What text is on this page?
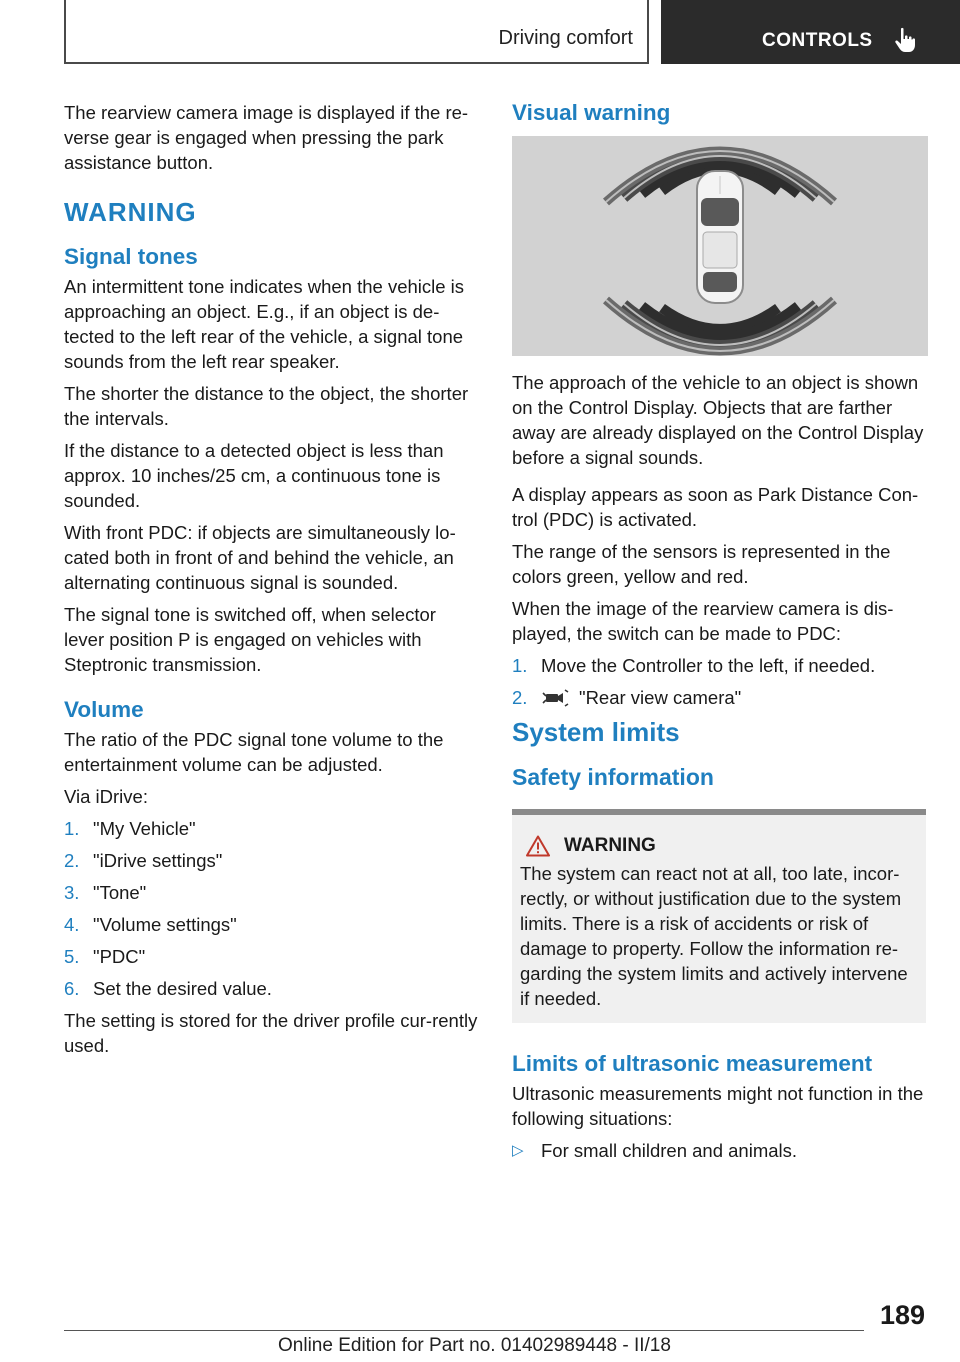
Driving comfort	CONTROLS

The rearview camera image is displayed if the re-verse gear is engaged when pressing the park assistance button.

WARNING
Signal tones

An intermittent tone indicates when the vehicle is approaching an object. E.g., if an object is de-tected to the left rear of the vehicle, a signal tone sounds from the left rear speaker.

The shorter the distance to the object, the shorter the intervals.

If the distance to a detected object is less than approx. 10 inches/25 cm, a continuous tone is sounded.

With front PDC: if objects are simultaneously lo-cated both in front of and behind the vehicle, an alternating continuous signal is sounded.

The signal tone is switched off, when selector lever position P is engaged on vehicles with Steptronic transmission.

Volume

The ratio of the PDC signal tone volume to the entertainment volume can be adjusted.

Via iDrive:

1. "My Vehicle"
2. "iDrive settings"
3. "Tone"
4. "Volume settings"
5. "PDC"
6. Set the desired value.

The setting is stored for the driver profile cur-rently used.

Visual warning

The approach of the vehicle to an object is shown on the Control Display. Objects that are farther away are already displayed on the Control Display before a signal sounds.

A display appears as soon as Park Distance Con-trol (PDC) is activated.

The range of the sensors is represented in the colors green, yellow and red.

When the image of the rearview camera is dis-played, the switch can be made to PDC:

1. Move the Controller to the left, if needed.
2.	"Rear view camera"
System limits
Safety information
WARNING

The system can react not at all, too late, incor-rectly, or without justification due to the system limits. There is a risk of accidents or risk of damage to property. Follow the information re-garding the system limits and actively intervene if needed.

Limits of ultrasonic measurement

Ultrasonic measurements might not function in the following situations:

▷ For small children and animals.
189
Online Edition for Part no. 01402989448 - II/18
